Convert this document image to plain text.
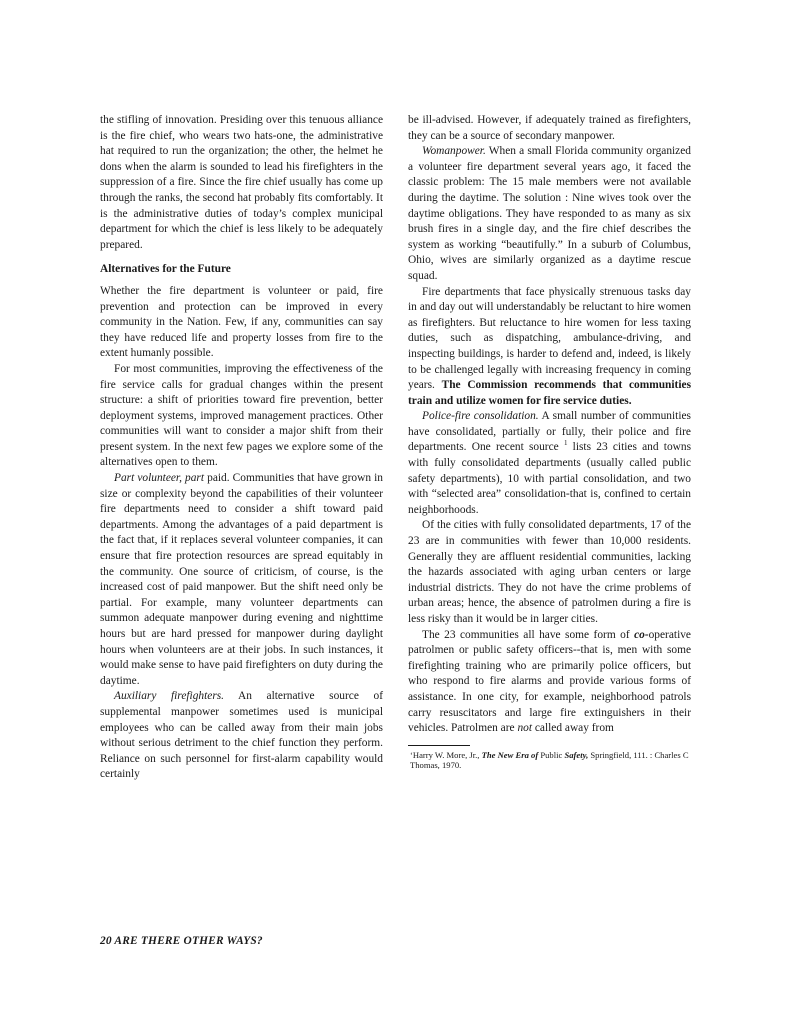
the stifling of innovation. Presiding over this tenuous alliance is the fire chief, who wears two hats-one, the administrative hat required to run the organization; the other, the helmet he dons when the alarm is sounded to lead his firefighters in the suppression of a fire. Since the fire chief usually has come up through the ranks, the second hat probably fits comfortably. It is the administrative duties of today’s complex municipal department for which the chief is less likely to be adequately prepared.

Alternatives for the Future

Whether the fire department is volunteer or paid, fire prevention and protection can be improved in every community in the Nation. Few, if any, communities can say they have reduced life and property losses from fire to the extent humanly possible.

For most communities, improving the effectiveness of the fire service calls for gradual changes within the present structure: a shift of priorities toward fire prevention, better deployment systems, improved management practices. Other communities will want to consider a major shift from their present system. In the next few pages we explore some of the alternatives open to them.

Part volunteer, part paid. Communities that have grown in size or complexity beyond the capabilities of their volunteer fire departments need to consider a shift toward paid departments. Among the advantages of a paid department is the fact that, if it replaces several volunteer companies, it can ensure that fire protection resources are spread equitably in the community. One source of criticism, of course, is the increased cost of paid manpower. But the shift need only be partial. For example, many volunteer departments can summon adequate manpower during evening and nighttime hours but are hard pressed for manpower during daylight hours when volunteers are at their jobs. In such instances, it would make sense to have paid firefighters on duty during the daytime.

Auxiliary firefighters. An alternative source of supplemental manpower sometimes used is municipal employees who can be called away from their main jobs without serious detriment to the chief function they perform. Reliance on such personnel for first-alarm capability would certainly

be ill-advised. However, if adequately trained as firefighters, they can be a source of secondary manpower.

Womanpower. When a small Florida community organized a volunteer fire department several years ago, it faced the classic problem: The 15 male members were not available during the daytime. The solution : Nine wives took over the daytime obligations. They have responded to as many as six brush fires in a single day, and the fire chief describes the system as working “beautifully.” In a suburb of Columbus, Ohio, wives are similarly organized as a daytime rescue squad.

Fire departments that face physically strenuous tasks day in and day out will understandably be reluctant to hire women as firefighters. But reluctance to hire women for less taxing duties, such as dispatching, ambulance-driving, and inspecting buildings, is harder to defend and, indeed, is likely to be challenged legally with increasing frequency in coming years. The Commission recommends that communities train and utilize women for fire service duties.

Police-fire consolidation. A small number of communities have consolidated, partially or fully, their police and fire departments. One recent source $^1$ lists 23 cities and towns with fully consolidated departments (usually called public safety departments), 10 with partial consolidation, and two with “selected area” consolidation-that is, confined to certain neighborhoods.

Of the cities with fully consolidated departments, 17 of the 23 are in communities with fewer than 10,000 residents. Generally they are affluent residential communities, lacking the hazards associated with aging urban centers or large industrial districts. They do not have the crime problems of urban areas; hence, the absence of patrolmen during a fire is less risky than it would be in larger cities.

The 23 communities all have some form of co-operative patrolmen or public safety officers--that is, men with some firefighting training who are primarily police officers, but who respond to fire alarms and provide various forms of assistance. In one city, for example, neighborhood patrols carry resuscitators and large fire extinguishers in their vehicles. Patrolmen are not called away from

‘Harry W. More, Jr., The New Era of Public Safety, Springfield, 111. : Charles C Thomas, 1970.

20 ARE THERE OTHER WAYS?
